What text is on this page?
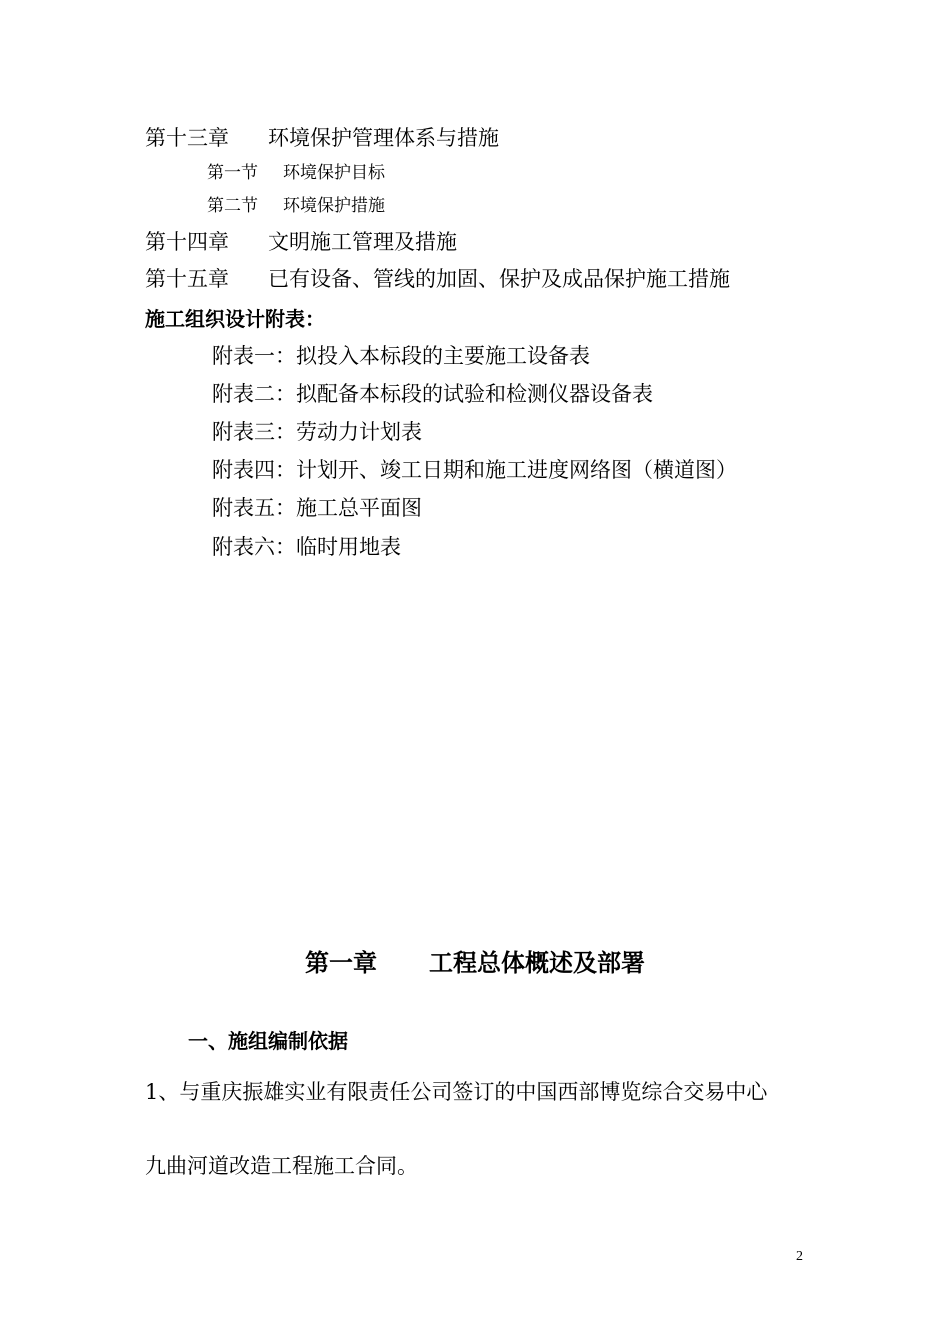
第十三章 环境保护管理体系与措施
第一节 环境保护目标
第二节 环境保护措施
第十四章 文明施工管理及措施
第十五章 已有设备、管线的加固、保护及成品保护施工措施
施工组织设计附表：
附表一：拟投入本标段的主要施工设备表
附表二：拟配备本标段的试验和检测仪器设备表
附表三：劳动力计划表
附表四：计划开、竣工日期和施工进度网络图（横道图）
附表五：施工总平面图
附表六：临时用地表
第一章 工程总体概述及部署
一、施组编制依据
1、与重庆振雄实业有限责任公司签订的中国西部博览综合交易中心
九曲河道改造工程施工合同。
2
